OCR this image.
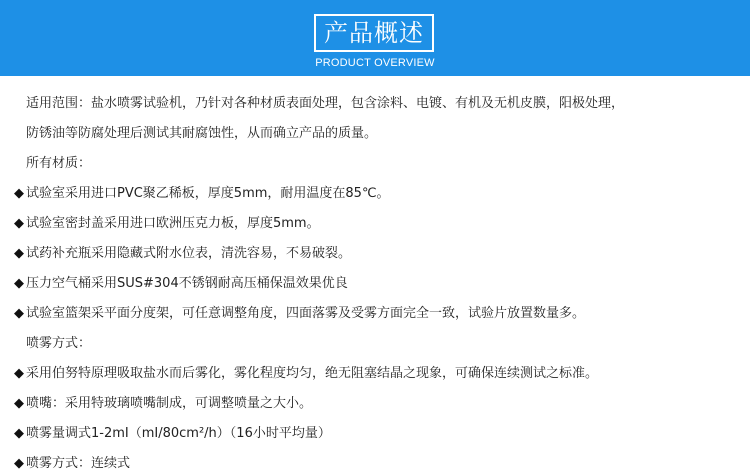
产品概述
PRODUCT OVERVIEW
适用范围：盐水喷雾试验机，乃针对各种材质表面处理，包含涂料、电镀、有机及无机皮膜，阳极处理，
防锈油等防腐处理后测试其耐腐蚀性，从而确立产品的质量。
所有材质：
◆ 试验室采用进口PVC聚乙稀板，厚度5mm，耐用温度在85℃。
◆ 试验室密封盖采用进口欧洲压克力板，厚度5mm。
◆ 试药补充瓶采用隐藏式附水位表，清洗容易，不易破裂。
◆ 压力空气桶采用SUS#304不锈钢耐高压桶保温效果优良
◆ 试验室篮架采平面分度架，可任意调整角度，四面落雾及受雾方面完全一致，试验片放置数量多。
喷雾方式：
◆ 采用伯努特原理吸取盐水而后雾化，雾化程度均匀，绝无阻塞结晶之现象，可确保连续测试之标准。
◆ 喷嘴：采用特玻璃喷嘴制成，可调整喷量之大小。
◆ 喷雾量调式1-2mI（mI/80cm²/h）（16小时平均量）
◆ 喷雾方式：连续式
